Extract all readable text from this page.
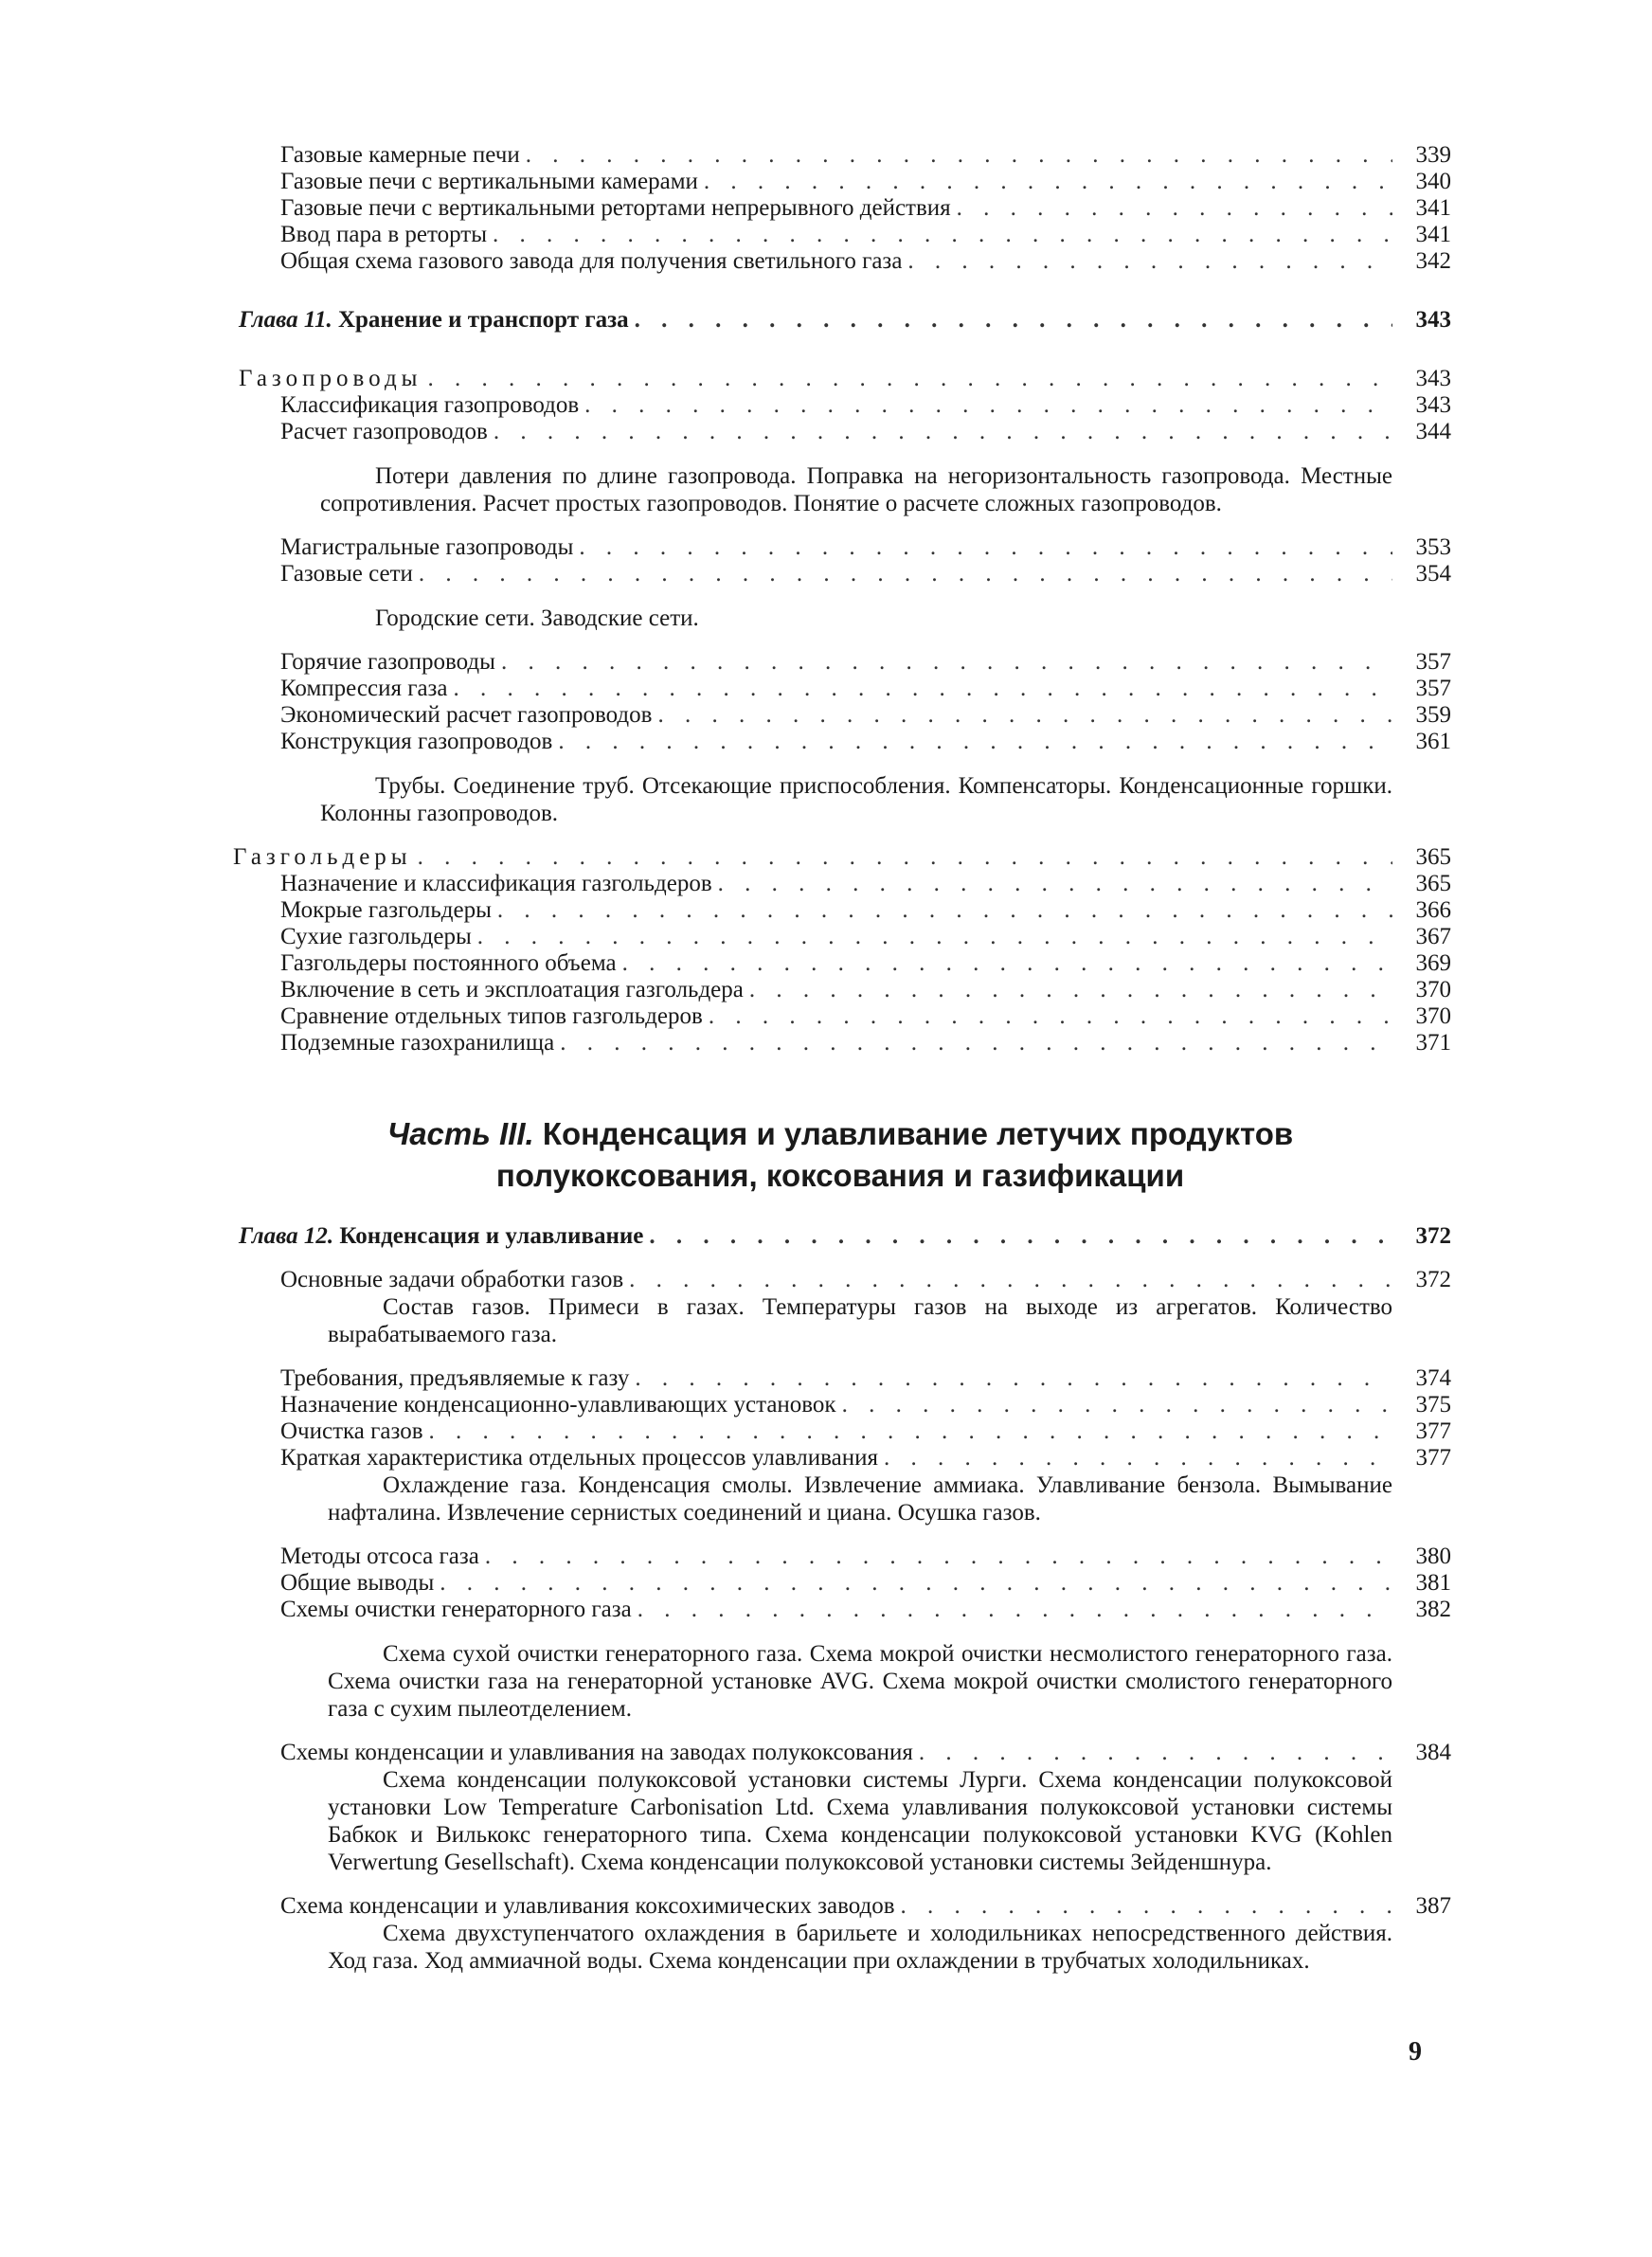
Газовые камерные печи . . .	339
Газовые печи с вертикальными камерами . . .	340
Газовые печи с вертикальными ретортами непрерывного действия . . .	341
Ввод пара в реторты . . .	341
Общая схема газового завода для получения светильного газа . . .	342
Глава 11. Хранение и транспорт газа . . .	343
Газопроводы . . .	343
Классификация газопроводов . . .	343
Расчет газопроводов . . .	344
Потери давления по длине газопровода. Поправка на негоризонтальность газопровода. Местные сопротивления. Расчет простых газопроводов. Понятие о расчете сложных газопроводов.
Магистральные газопроводы . . .	353
Газовые сети . . .	354
Городские сети. Заводские сети.
Горячие газопроводы . . .	357
Компрессия газа . . .	357
Экономический расчет газопроводов . . .	359
Конструкция газопроводов . . .	361
Трубы. Соединение труб. Отсекающие приспособления. Компенсаторы. Конденсационные горшки. Колонны газопроводов.
Газгольдеры . . .	365
Назначение и классификация газгольдеров . . .	365
Мокрые газгольдеры . . .	366
Сухие газгольдеры . . .	367
Газгольдеры постоянного объема . . .	369
Включение в сеть и эксплоатация газгольдера . . .	370
Сравнение отдельных типов газгольдеров . . .	370
Подземные газохранилища . . .	371
Часть III. Конденсация и улавливание летучих продуктов
полукоксования, коксования и газификации
Глава 12. Конденсация и улавливание . . .	372
Основные задачи обработки газов . . .	372
Состав газов. Примеси в газах. Температуры газов на выходе из агрегатов. Количество вырабатываемого газа.
Требования, предъявляемые к газу . . .	374
Назначение конденсационно-улавливающих установок . . .	375
Очистка газов . . .	377
Краткая характеристика отдельных процессов улавливания . . .	377
Охлаждение газа. Конденсация смолы. Извлечение аммиака. Улавливание бензола. Вымывание нафталина. Извлечение сернистых соединений и циана. Осушка газов.
Методы отсоса газа . . .	380
Общие выводы . . .	381
Схемы очистки генераторного газа . . .	382
Схема сухой очистки генераторного газа. Схема мокрой очистки несмолистого генераторного газа. Схема очистки газа на генераторной установке AVG. Схема мокрой очистки смолистого генераторного газа с сухим пылеотделением.
Схемы конденсации и улавливания на заводах полукоксования . . .	384
Схема конденсации полукоксовой установки системы Лурги. Схема конденсации полукоксовой установки Low Temperature Carbonisation Ltd. Схема улавливания полукоксовой установки системы Бабкок и Вилькокс генераторного типа. Схема конденсации полукоксовой установки KVG (Kohlen Verwertung Gesellschaft). Схема конденсации полукоксовой установки системы Зейденшнура.
Схема конденсации и улавливания коксохимических заводов . . .	387
Схема двухступенчатого охлаждения в барильете и холодильниках непосредственного действия. Ход газа. Ход аммиачной воды. Схема конденсации при охлаждении в трубчатых холодильниках.
9
